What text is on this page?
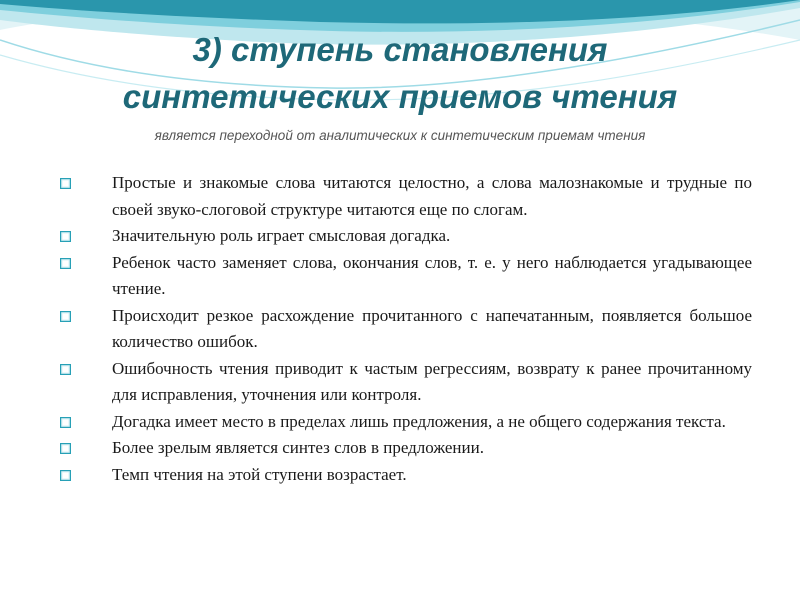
3) ступень становления
синтетических приемов чтения
является переходной от аналитических к синтетическим приемам чтения
Простые и знакомые слова читаются целостно, а слова малознакомые и трудные по своей звуко-слоговой структуре читаются еще по слогам.
Значительную роль играет смысловая догадка.
Ребенок часто заменяет слова, окончания слов, т. е. у него наблюдается угадывающее чтение.
Происходит резкое расхождение прочитанного с напечатанным, появляется большое количество ошибок.
Ошибочность чтения приводит к частым регрессиям, возврату к ранее прочитанному для исправления, уточнения или контроля.
Догадка имеет место в пределах лишь предложения, а не общего содержания текста.
Более зрелым является синтез слов в предложении.
Темп чтения на этой ступени возрастает.
